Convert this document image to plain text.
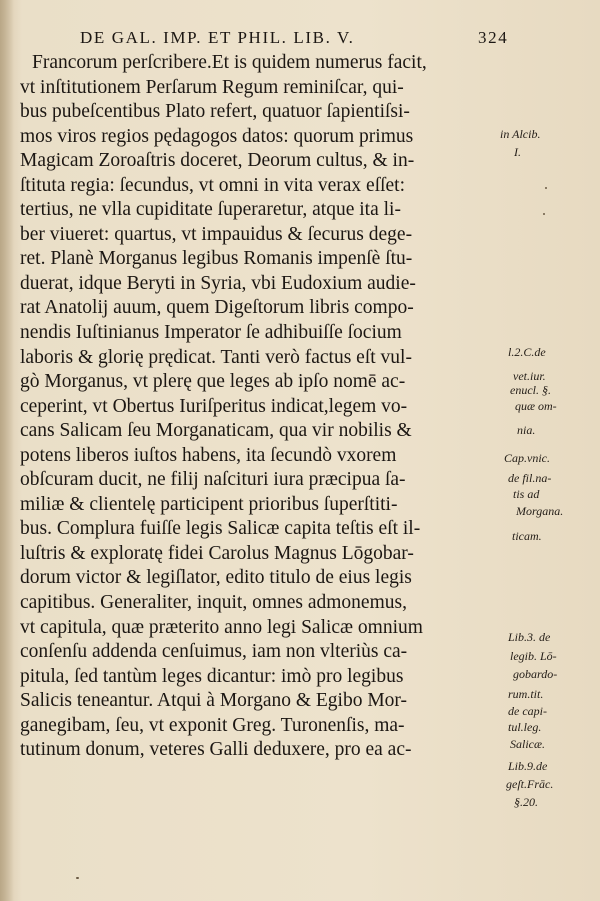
DE GAL. IMP. ET PHIL. LIB. V.	324
Francorum perſcribere.Et is quidem numerus facit,
vt inſtitutionem Perſarum Regum reminiſcar, qui-
bus pubeſcentibus Plato refert, quatuor ſapientiſsi-
mos viros regios pędagogos datos: quorum primus
Magicam Zoroaſtris doceret, Deorum cultus, & in-
ſtituta regia: ſecundus, vt omni in vita verax eſſet:
tertius, ne vlla cupiditate ſuperaretur, atque ita li-
ber viueret: quartus, vt impauidus & ſecurus dege-
ret. Planè Morganus legibus Romanis impenſè ſtu-
duerat, idque Beryti in Syria, vbi Eudoxium audie-
rat Anatolij auum, quem Digeſtorum libris compo-
nendis Iuſtinianus Imperator ſe adhibuiſſe ſocium
laboris & glorię prędicat. Tanti verò factus eſt vul-
gò Morganus, vt plerę que leges ab ipſo nomē ac-
ceperint, vt Obertus Iuriſperitus indicat,legem vo-
cans Salicam ſeu Morganaticam, qua vir nobilis &
potens liberos iuſtos habens, ita ſecundò vxorem
obſcuram ducit, ne filij naſcituri iura præcipua ſa-
miliæ & clientelę participent prioribus ſuperſtiti-
bus. Complura fuiſſe legis Salicæ capita teſtis eſt il-
luſtris & exploratę fidei Carolus Magnus Lōgobar-
dorum victor & legiſlator, edito titulo de eius legis
capitibus. Generaliter, inquit, omnes admonemus,
vt capitula, quæ præterito anno legi Salicæ omnium
conſenſu addenda cenſuimus, iam non vlteriùs ca-
pitula, ſed tantùm leges dicantur: imò pro legibus
Salicis teneantur. Atqui à Morgano & Egibo Mor-
ganegibam, ſeu, vt exponit Greg. Turonenſis, ma-
tutinum donum, veteres Galli deduxere, pro ea ac-
in Alcib.
I.
l.2.C.de
vet.iur.
enucl. §.
quæ om-
nia.
Cap.vnic.
de fil.na-
tis ad
Morgana.
ticam.
Lib.3. de
legib. Lō-
gobardo-
rum.tit.
de capi-
tul.leg.
Salicæ.
Lib.9.de
geſt.Frāc.
§.20.
